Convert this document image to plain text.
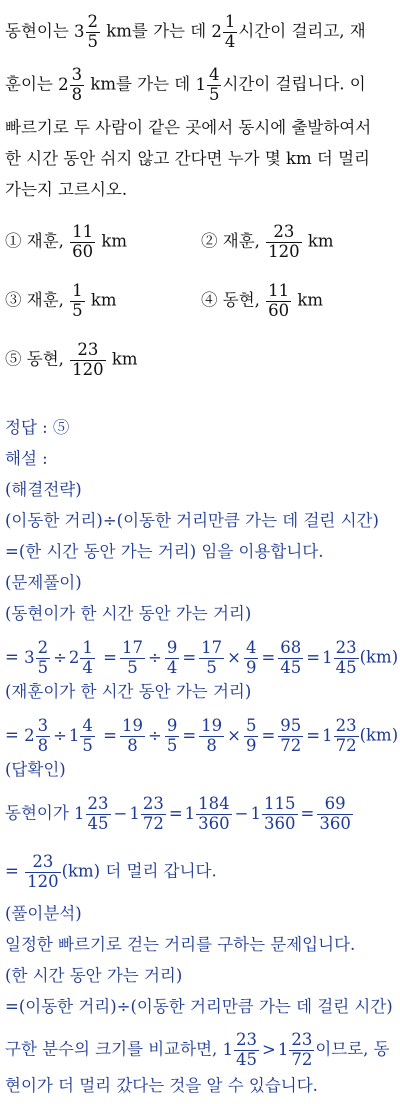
동현이는 $3 \frac{2}{5}$ km를 가는 데 $2 \frac{1}{4}$ 시간이 걸리고, 재
훈이는 $2 \frac{3}{8}$ km를 가는 데 $1 \frac{4}{5}$ 시간이 걸립니다. 이
빠르기로 두 사람이 같은 곳에서 동시에 출발하여서
한 시간 동안 쉬지 않고 간다면 누가 몇 km 더 멀리
가는지 고르시오.
① 재훈, $\frac{11}{60}$ km	② 재훈, $\frac{23}{120}$ km
③ 재훈, $\frac{1}{5}$ km	④ 동현, $\frac{11}{60}$ km
⑤ 동현, $\frac{23}{120}$ km
정답 : ⑤
해설 :
(해결전략)
(이동한 거리)÷(이동한 거리만큼 가는 데 걸린 시간)
=(한 시간 동안 가는 거리) 임을 이용합니다.
(문제풀이)
(동현이가 한 시간 동안 가는 거리)
= $3 \frac{2}{5} \div 2 \frac{1}{4} = \frac{17}{5} \div \frac{9}{4} = \frac{17}{5} \times \frac{4}{9} = \frac{68}{45} = 1 \frac{23}{45} (km)$
(재훈이가 한 시간 동안 가는 거리)
= $2 \frac{3}{8} \div 1 \frac{4}{5} = \frac{19}{8} \div \frac{9}{5} = \frac{19}{8} \times \frac{5}{9} = \frac{95}{72} = 1 \frac{23}{72} (km)$
(답확인)
동현이가 $1 \frac{23}{45} - 1 \frac{23}{72} = 1 \frac{184}{360} - 1 \frac{115}{360} = \frac{69}{360}$
= $\frac{23}{120} (km)$ 더 멀리 갑니다.
(풀이분석)
일정한 빠르기로 걷는 거리를 구하는 문제입니다.
(한 시간 동안 가는 거리)
=(이동한 거리)÷(이동한 거리만큼 가는 데 걸린 시간)
구한 분수의 크기를 비교하면, $1 \frac{23}{45} > 1 \frac{23}{72}$ 이므로, 동
현이가 더 멀리 갔다는 것을 알 수 있습니다.
